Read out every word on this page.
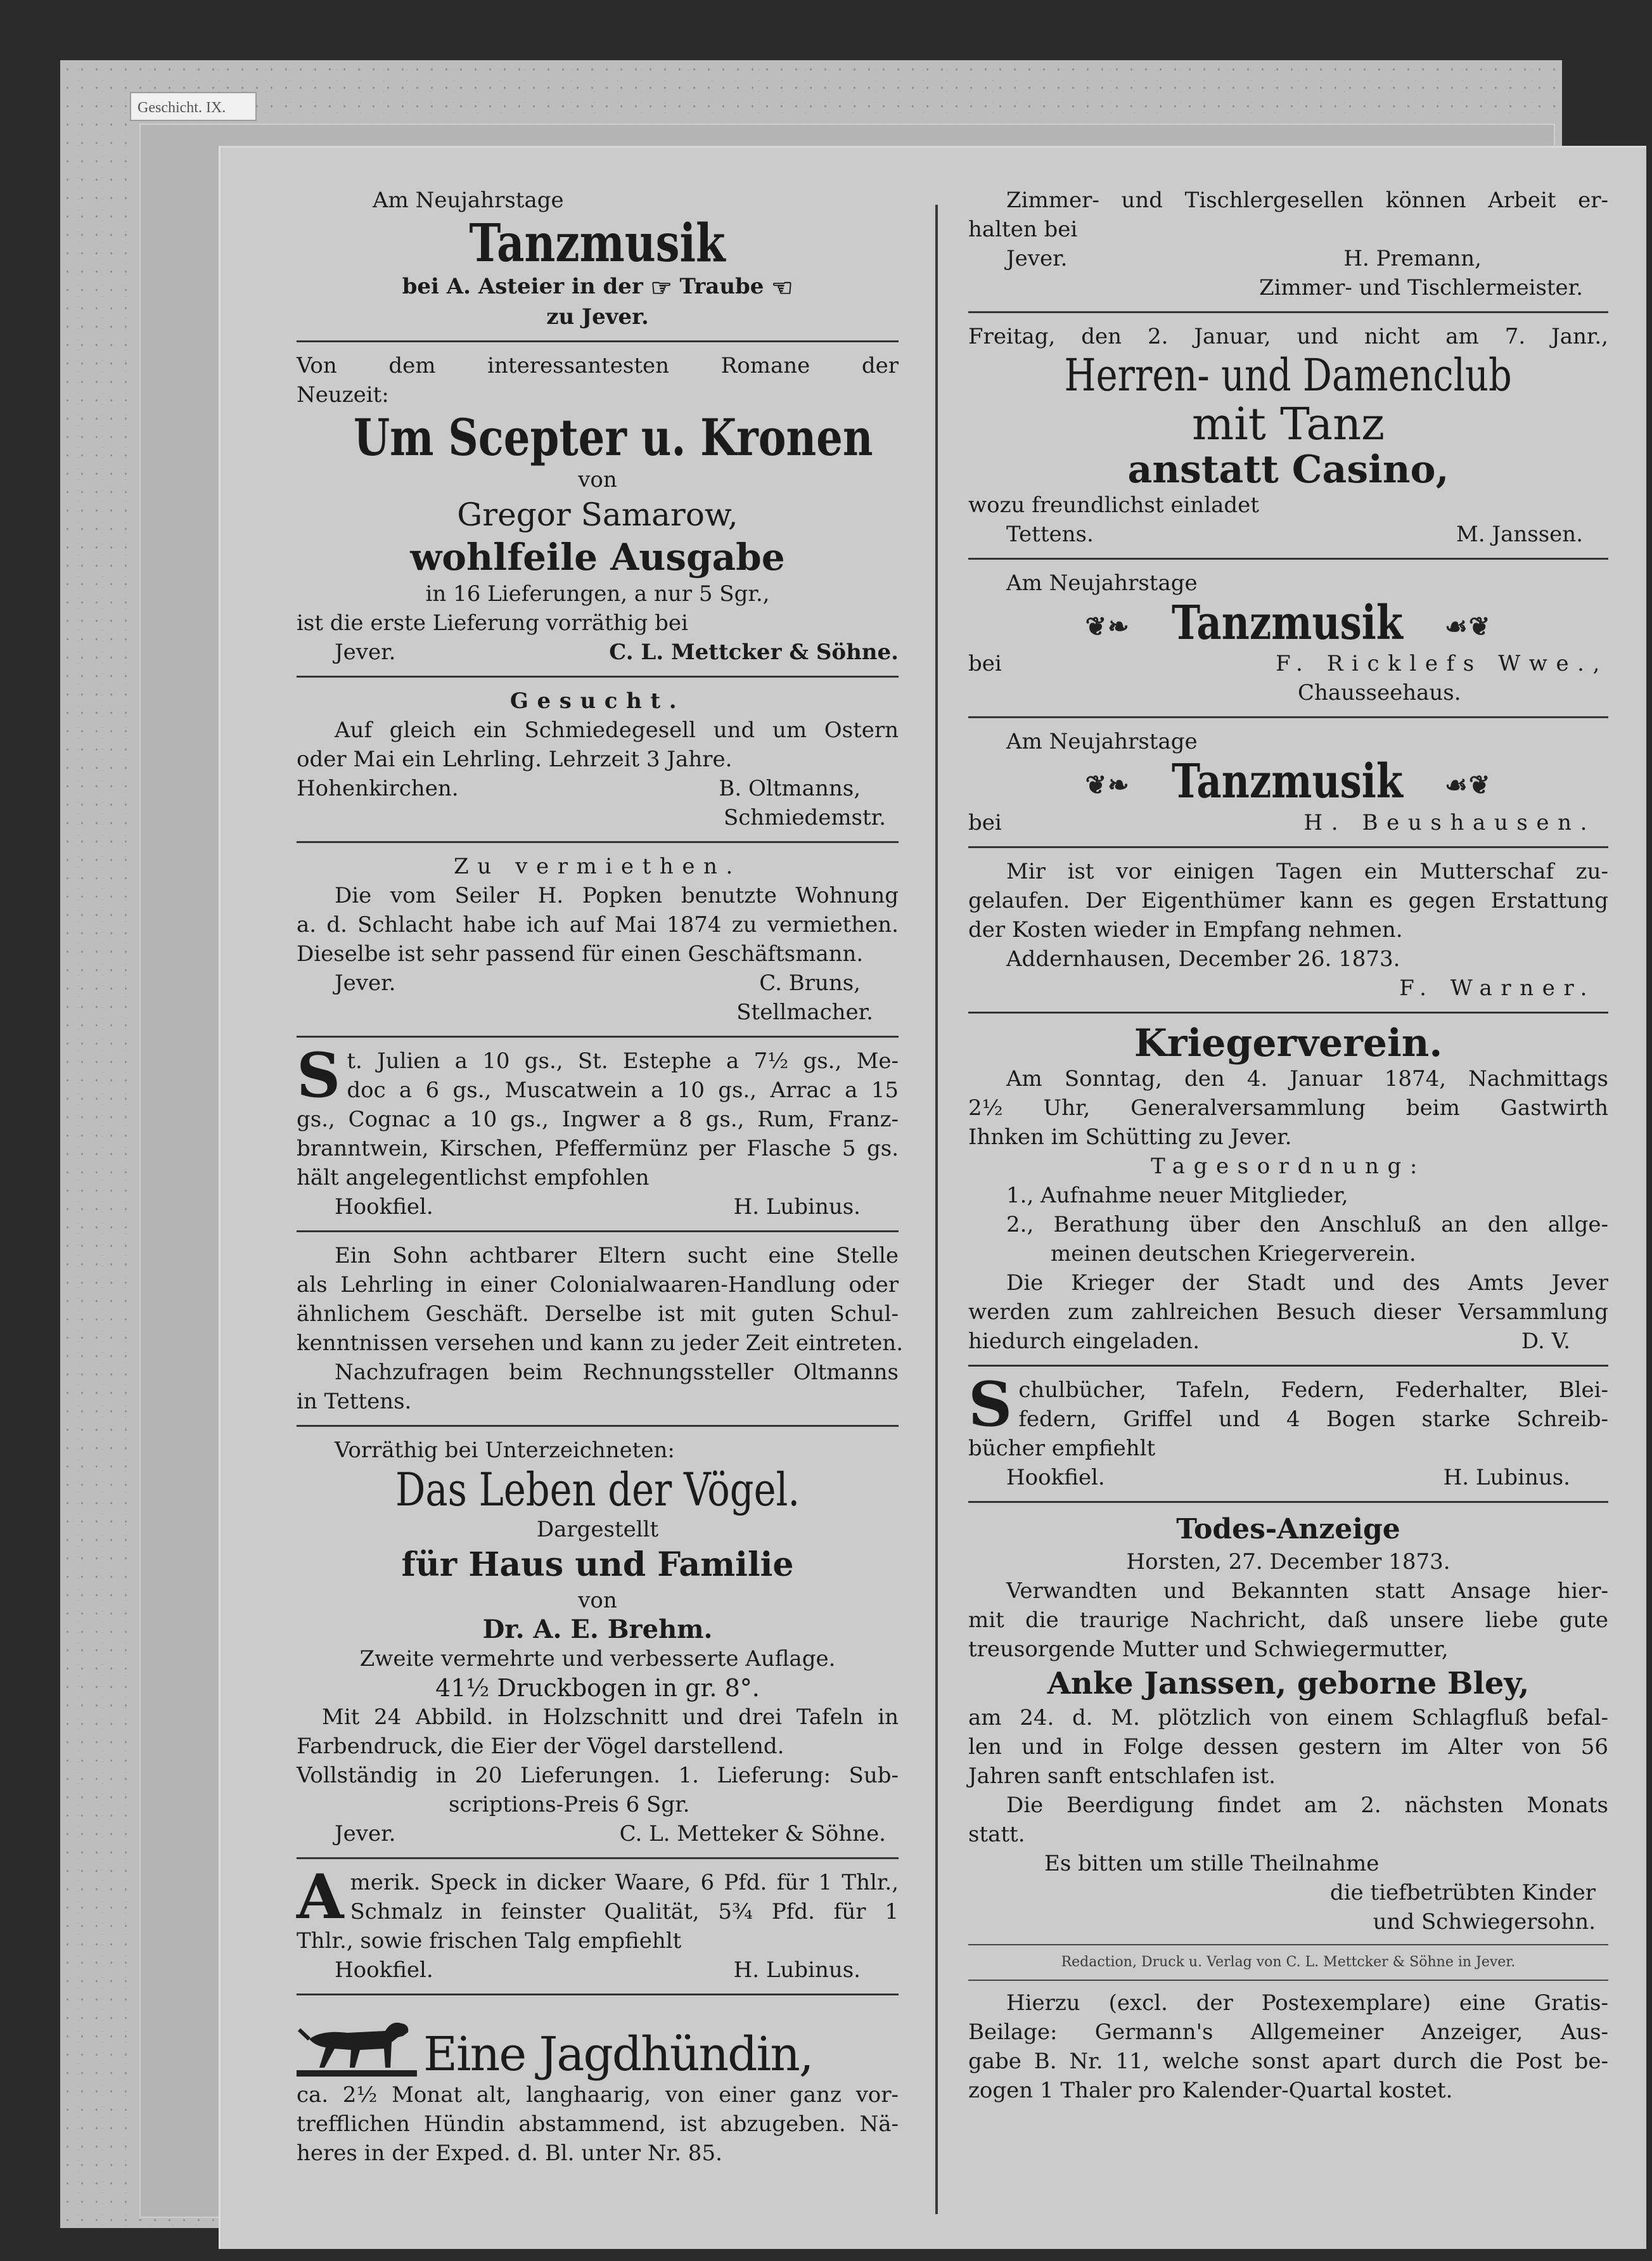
Geschicht. IX.
Am Neujahrstage
Tanzmusik
bei A. Asteier in der ☞ Traube ☜
zu Jever.
Von dem interessantesten Romane der
Neuzeit:
Um Scepter u. Kronen
von
Gregor Samarow,
wohlfeile Ausgabe
in 16 Lieferungen, a nur 5 Sgr.,
ist die erste Lieferung vorräthig bei
Jever.	C. L. Mettcker & Söhne.
Gesucht.
Auf gleich ein Schmiedegesell und um Ostern
oder Mai ein Lehrling. Lehrzeit 3 Jahre.
Hohenkirchen.	B. Oltmanns,
Schmiedemstr.
Zu vermiethen.
Die vom Seiler H. Popken benutzte Wohnung
a. d. Schlacht habe ich auf Mai 1874 zu vermiethen.
Dieselbe ist sehr passend für einen Geschäftsmann.
Jever.	C. Bruns,
Stellmacher.
S t. Julien a 10 gs., St. Estephe a 7½ gs., Me-
doc a 6 gs., Muscatwein a 10 gs., Arrac a 15
gs., Cognac a 10 gs., Ingwer a 8 gs., Rum, Franz-
branntwein, Kirschen, Pfeffermünz per Flasche 5 gs.
hält angelegentlichst empfohlen
Hookfiel.	H. Lubinus.
Ein Sohn achtbarer Eltern sucht eine Stelle
als Lehrling in einer Colonialwaaren-Handlung oder
ähnlichem Geschäft. Derselbe ist mit guten Schul-
kenntnissen versehen und kann zu jeder Zeit eintreten.
Nachzufragen beim Rechnungssteller Oltmanns
in Tettens.
Vorräthig bei Unterzeichneten:
Das Leben der Vögel.
Dargestellt
für Haus und Familie
von
Dr. A. E. Brehm.
Zweite vermehrte und verbesserte Auflage.
41½ Druckbogen in gr. 8°.
Mit 24 Abbild. in Holzschnitt und drei Tafeln in
Farbendruck, die Eier der Vögel darstellend.
Vollständig in 20 Lieferungen. 1. Lieferung: Sub-
scriptions-Preis 6 Sgr.
Jever.	C. L. Metteker & Söhne.
A merik. Speck in dicker Waare, 6 Pfd. für 1 Thlr.,
Schmalz in feinster Qualität, 5¾ Pfd. für 1
Thlr., sowie frischen Talg empfiehlt
Hookfiel.	H. Lubinus.
Eine Jagdhündin,
ca. 2½ Monat alt, langhaarig, von einer ganz vor-
trefflichen Hündin abstammend, ist abzugeben. Nä-
heres in der Exped. d. Bl. unter Nr. 85.
Zimmer- und Tischlergesellen können Arbeit er-
halten bei
Jever.	H. Premann,
Zimmer- und Tischlermeister.
Freitag, den 2. Januar, und nicht am 7. Janr.,
Herren- und Damenclub
mit Tanz
anstatt Casino,
wozu freundlichst einladet
Tettens.	M. Janssen.
Am Neujahrstage
❦❧ Tanzmusik ☙❦
bei	F. Ricklefs Wwe.,
Chausseehaus.
Am Neujahrstage
❦❧ Tanzmusik ☙❦
bei	H. Beushausen.
Mir ist vor einigen Tagen ein Mutterschaf zu-
gelaufen. Der Eigenthümer kann es gegen Erstattung
der Kosten wieder in Empfang nehmen.
Addernhausen, December 26. 1873.
F. Warner.
Kriegerverein.
Am Sonntag, den 4. Januar 1874, Nachmittags
2½ Uhr, Generalversammlung beim Gastwirth
Ihnken im Schütting zu Jever.
Tagesordnung:
1., Aufnahme neuer Mitglieder,
2., Berathung über den Anschluß an den allge-
meinen deutschen Kriegerverein.
Die Krieger der Stadt und des Amts Jever
werden zum zahlreichen Besuch dieser Versammlung
hiedurch eingeladen.	D. V.
S chulbücher, Tafeln, Federn, Federhalter, Blei-
federn, Griffel und 4 Bogen starke Schreib-
bücher empfiehlt
Hookfiel.	H. Lubinus.
Todes-Anzeige
Horsten, 27. December 1873.
Verwandten und Bekannten statt Ansage hier-
mit die traurige Nachricht, daß unsere liebe gute
treusorgende Mutter und Schwiegermutter,
Anke Janssen, geborne Bley,
am 24. d. M. plötzlich von einem Schlagfluß befal-
len und in Folge dessen gestern im Alter von 56
Jahren sanft entschlafen ist.
Die Beerdigung findet am 2. nächsten Monats
statt.
Es bitten um stille Theilnahme
die tiefbetrübten Kinder
und Schwiegersohn.
Redaction, Druck u. Verlag von C. L. Mettcker & Söhne in Jever.
Hierzu (excl. der Postexemplare) eine Gratis-
Beilage: Germann's Allgemeiner Anzeiger, Aus-
gabe B. Nr. 11, welche sonst apart durch die Post be-
zogen 1 Thaler pro Kalender-Quartal kostet.
